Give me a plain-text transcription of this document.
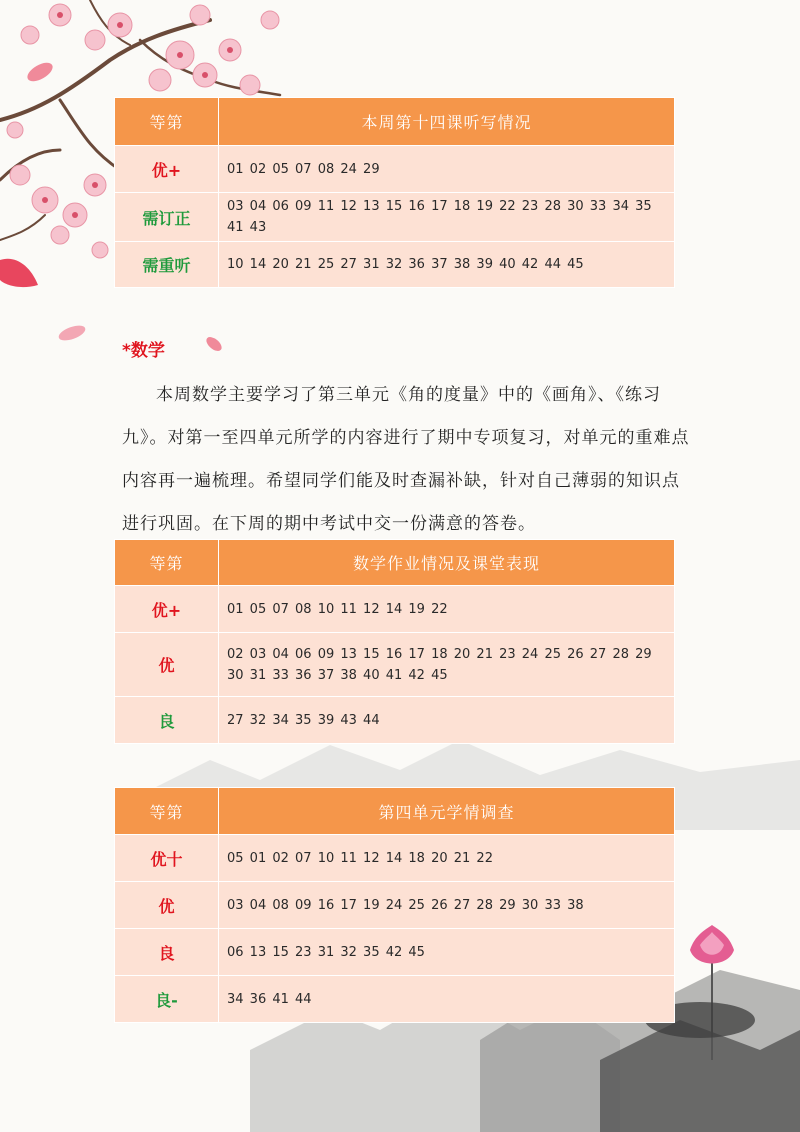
等第	本周第十四课听写情况
优+	01 02 05 07 08 24 29
需订正	03 04 06 09 11 12 13 15 16 17 18 19 22 23 28 30 33 34 35 41 43
需重听	10 14 20 21 25 27 31 32 36 37 38 39 40 42 44 45
*数学
本周数学主要学习了第三单元《角的度量》中的《画角》、《练习九》。对第一至四单元所学的内容进行了期中专项复习，对单元的重难点内容再一遍梳理。希望同学们能及时查漏补缺，针对自己薄弱的知识点进行巩固。在下周的期中考试中交一份满意的答卷。
等第	数学作业情况及课堂表现
优+	01 05 07 08 10 11 12 14 19 22
优	02 03 04 06 09 13 15 16 17 18 20 21 23 24 25 26 27 28 29 30 31 33 36 37 38 40 41 42 45
良	27 32 34 35 39 43 44
等第	第四单元学情调查
优十	05 01 02 07 10 11 12 14 18 20 21 22
优	03 04 08 09 16 17 19 24 25 26 27 28 29 30 33 38
良	06 13 15 23 31 32 35 42 45
良-	34 36 41 44
